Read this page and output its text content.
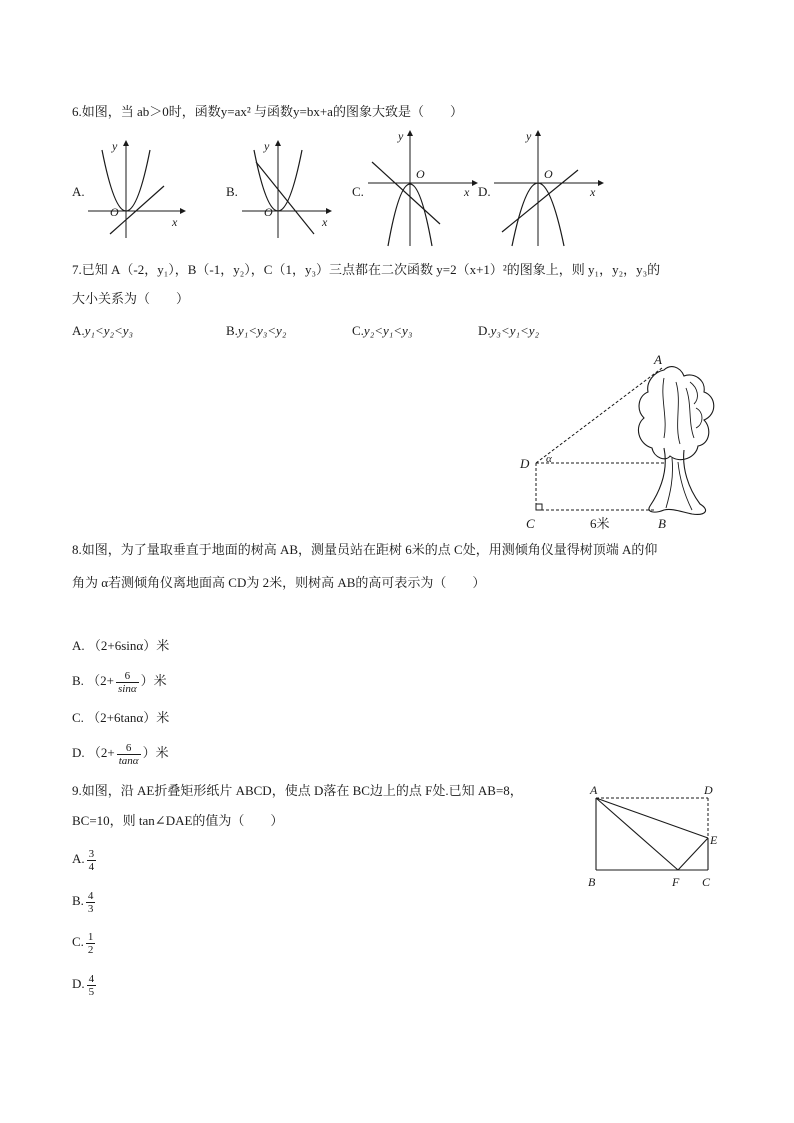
6.如图，当 ab＞0时，函数y=ax² 与函数y=bx+a的图象大致是（　　）
A.
y
x
O
B.
y
x
O
C.
y
x
O
D.
y
x
O
7.已知 A（-2，y₁），B（-1，y₂），C（1，y₃）三点都在二次函数 y=2（x+1）²的图象上，则 y₁，y₂，y₃的
大小关系为（　　）
A.y₁<y₂<y₃	B.y₁<y₃<y₂	C.y₂<y₁<y₃	D.y₃<y₁<y₂
A
D α
C	6米	B
8.如图，为了量取垂直于地面的树高 AB，测量员站在距树 6米的点 C处，用测倾角仪量得树顶端 A的仰
角为 α若测倾角仪离地面高 CD为 2米，则树高 AB的高可表示为（　　）
A. （2+6sinα）米
B. （$2+ \frac{6}{\sin\alpha}$ ）米
C. （2+6tanα）米
D. （$2+ \frac{6}{\tan\alpha}$ ）米
9.如图，沿 AE折叠矩形纸片 ABCD，使点 D落在 BC边上的点 F处.已知 AB=8，
BC=10，则 tan∠DAE的值为（　　）
A	D
E
B	F C
A. $\frac{3}{4}$
B. $\frac{4}{3}$
C. $\frac{1}{2}$
D. $\frac{4}{5}$
